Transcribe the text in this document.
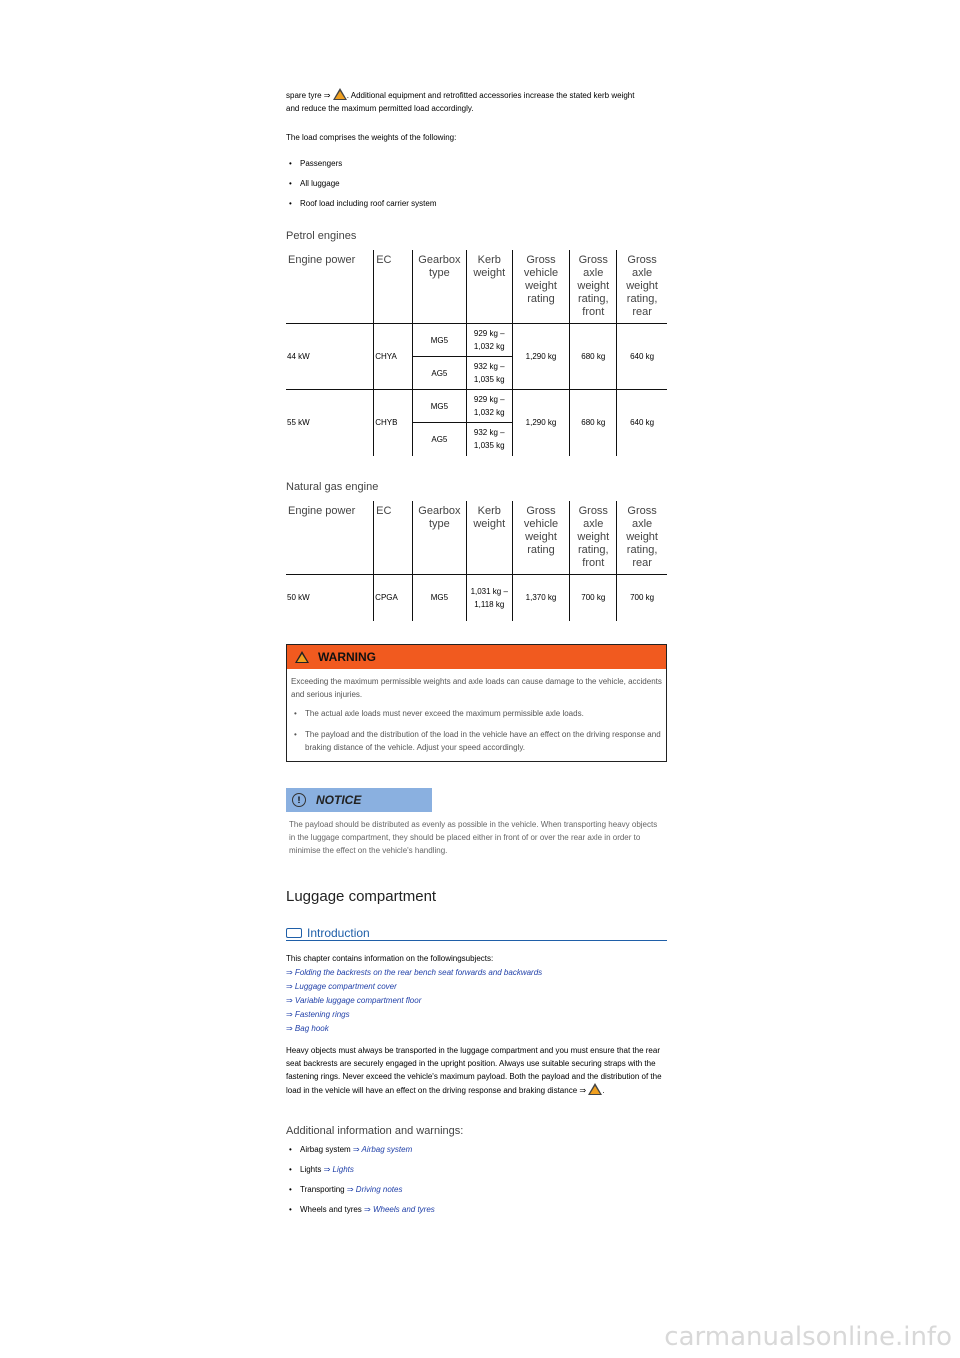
spare tyre ⇒ . Additional equipment and retrofitted accessories increase the stated kerb weight
and reduce the maximum permitted load accordingly.

The load comprises the weights of the following:

• Passengers
• All luggage
• Roof load including roof carrier system

Petrol engines

Engine power	EC	Gearbox type	Kerb weight	Gross vehicle weight rating	Gross axle weight rating, front	Gross axle weight rating, rear
44 kW	CHYA	MG5	929 kg – 1,032 kg	1,290 kg	680 kg	640 kg
		AG5	932 kg – 1,035 kg			
55 kW	CHYB	MG5	929 kg – 1,032 kg	1,290 kg	680 kg	640 kg
		AG5	932 kg – 1,035 kg			

Natural gas engine

Engine power	EC	Gearbox type	Kerb weight	Gross vehicle weight rating	Gross axle weight rating, front	Gross axle weight rating, rear
50 kW	CPGA	MG5	1,031 kg – 1,118 kg	1,370 kg	700 kg	700 kg
WARNING
Exceeding the maximum permissible weights and axle loads can cause damage to the vehicle, accidents and serious injuries.
• The actual axle loads must never exceed the maximum permissible axle loads.
• The payload and the distribution of the load in the vehicle have an effect on the driving response and braking distance of the vehicle. Adjust your speed accordingly.
!	NOTICE

The payload should be distributed as evenly as possible in the vehicle. When transporting heavy objects in the luggage compartment, they should be placed either in front of or over the rear axle in order to minimise the effect on the vehicle's handling.

Luggage compartment
Introduction

This chapter contains information on the followingsubjects:

⇒ Folding the backrests on the rear bench seat forwards and backwards
⇒ Luggage compartment cover
⇒ Variable luggage compartment floor
⇒ Fastening rings
⇒ Bag hook

Heavy objects must always be transported in the luggage compartment and you must ensure that the rear seat backrests are securely engaged in the upright position. Always use suitable securing straps with the fastening rings. Never exceed the vehicle's maximum payload. Both the payload and the distribution of the load in the vehicle will have an effect on the driving response and braking distance ⇒ .

Additional information and warnings:

• Airbag system ⇒ Airbag system
• Lights ⇒ Lights
• Transporting ⇒ Driving notes
• Wheels and tyres ⇒ Wheels and tyres
carmanualsonline.info
